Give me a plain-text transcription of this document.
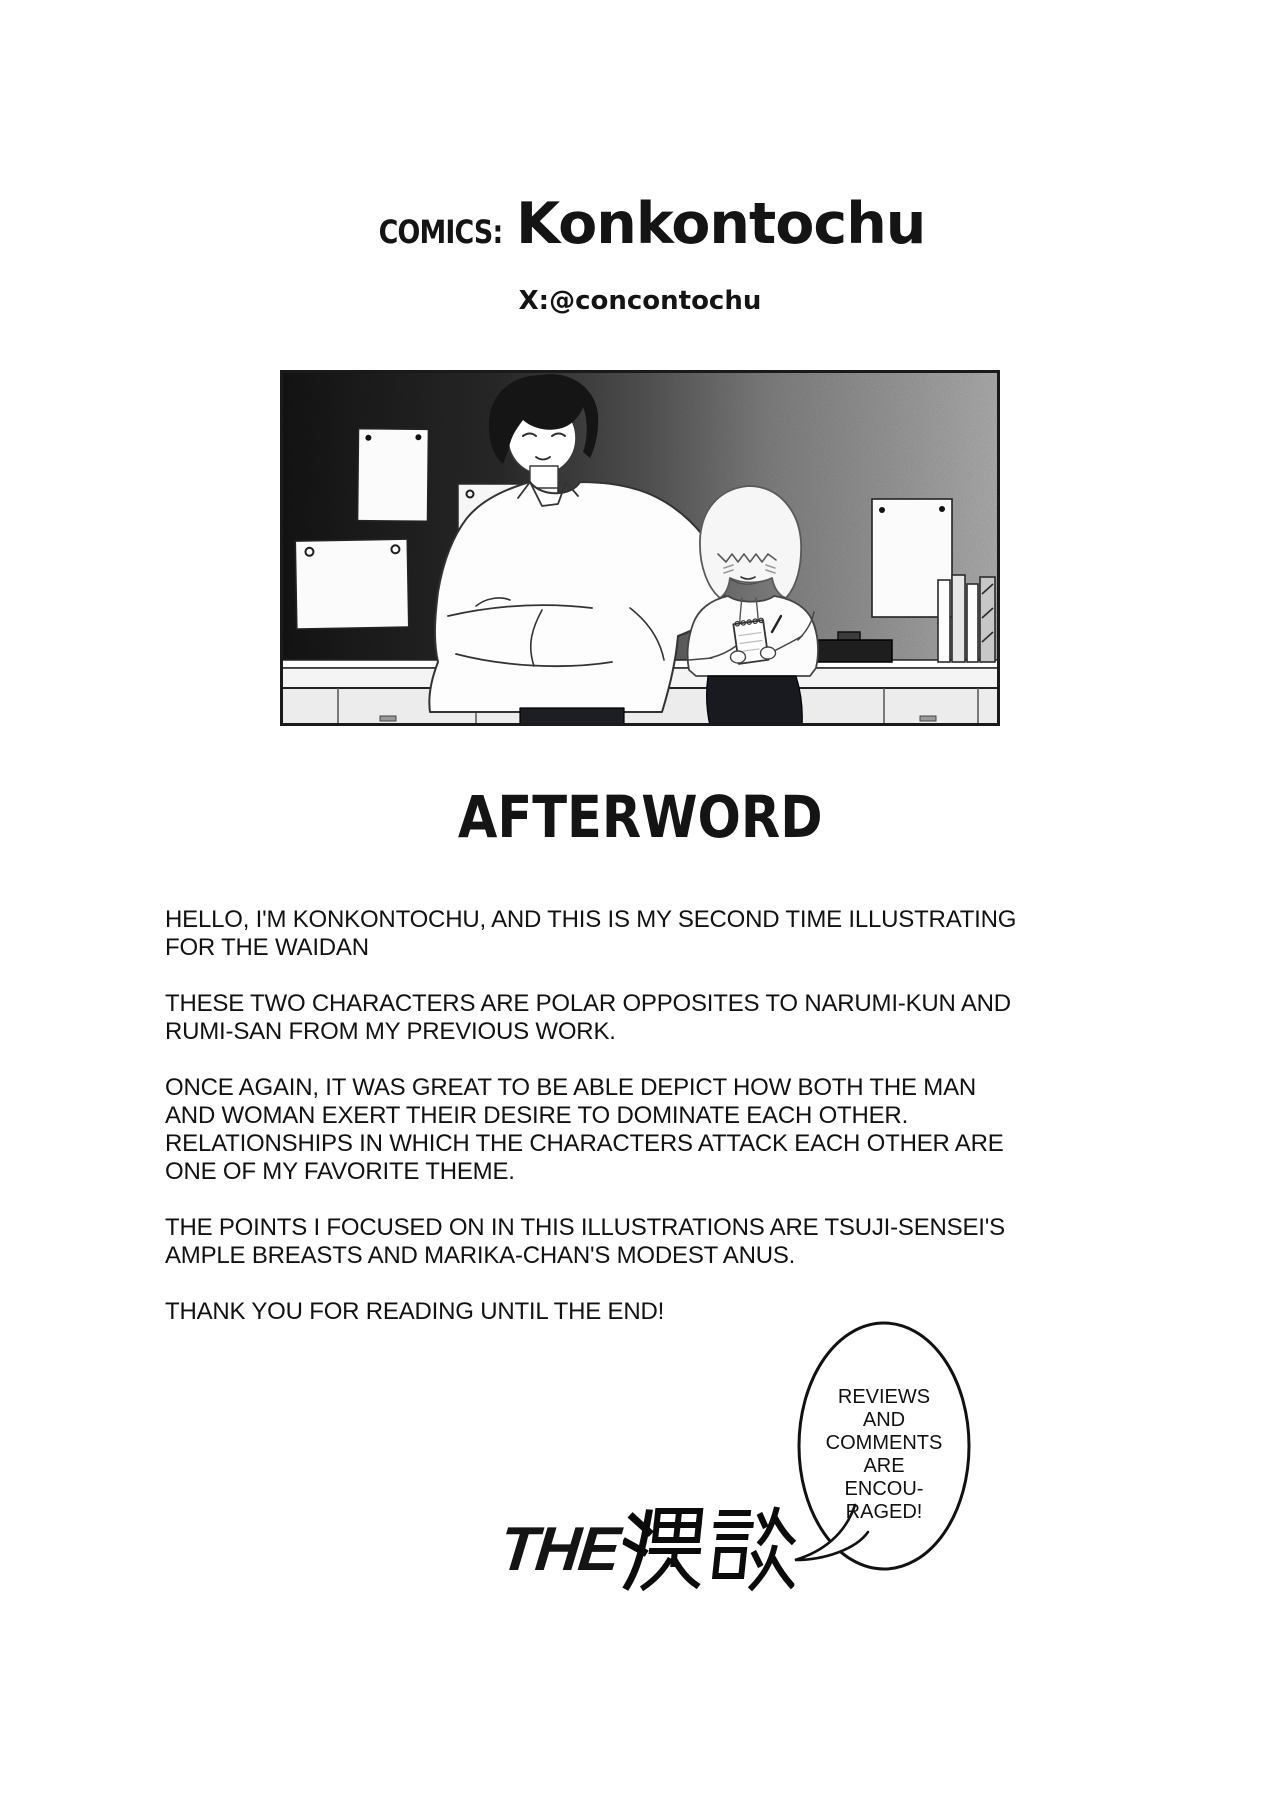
COMICS: Konkontochu
X:@concontochu
AFTERWORD

HELLO, I'M KONKONTOCHU, AND THIS IS MY SECOND TIME ILLUSTRATING
FOR THE WAIDAN

THESE TWO CHARACTERS ARE POLAR OPPOSITES TO NARUMI-KUN AND
RUMI-SAN FROM MY PREVIOUS WORK.

ONCE AGAIN, IT WAS GREAT TO BE ABLE DEPICT HOW BOTH THE MAN
AND WOMAN EXERT THEIR DESIRE TO DOMINATE EACH OTHER.
RELATIONSHIPS IN WHICH THE CHARACTERS ATTACK EACH OTHER ARE
ONE OF MY FAVORITE THEME.

THE POINTS I FOCUSED ON IN THIS ILLUSTRATIONS ARE TSUJI-SENSEI'S
AMPLE BREASTS AND MARIKA-CHAN'S MODEST ANUS.

THANK YOU FOR READING UNTIL THE END!

REVIEWS
AND
COMMENTS
ARE
ENCOU-
RAGED!
THE
